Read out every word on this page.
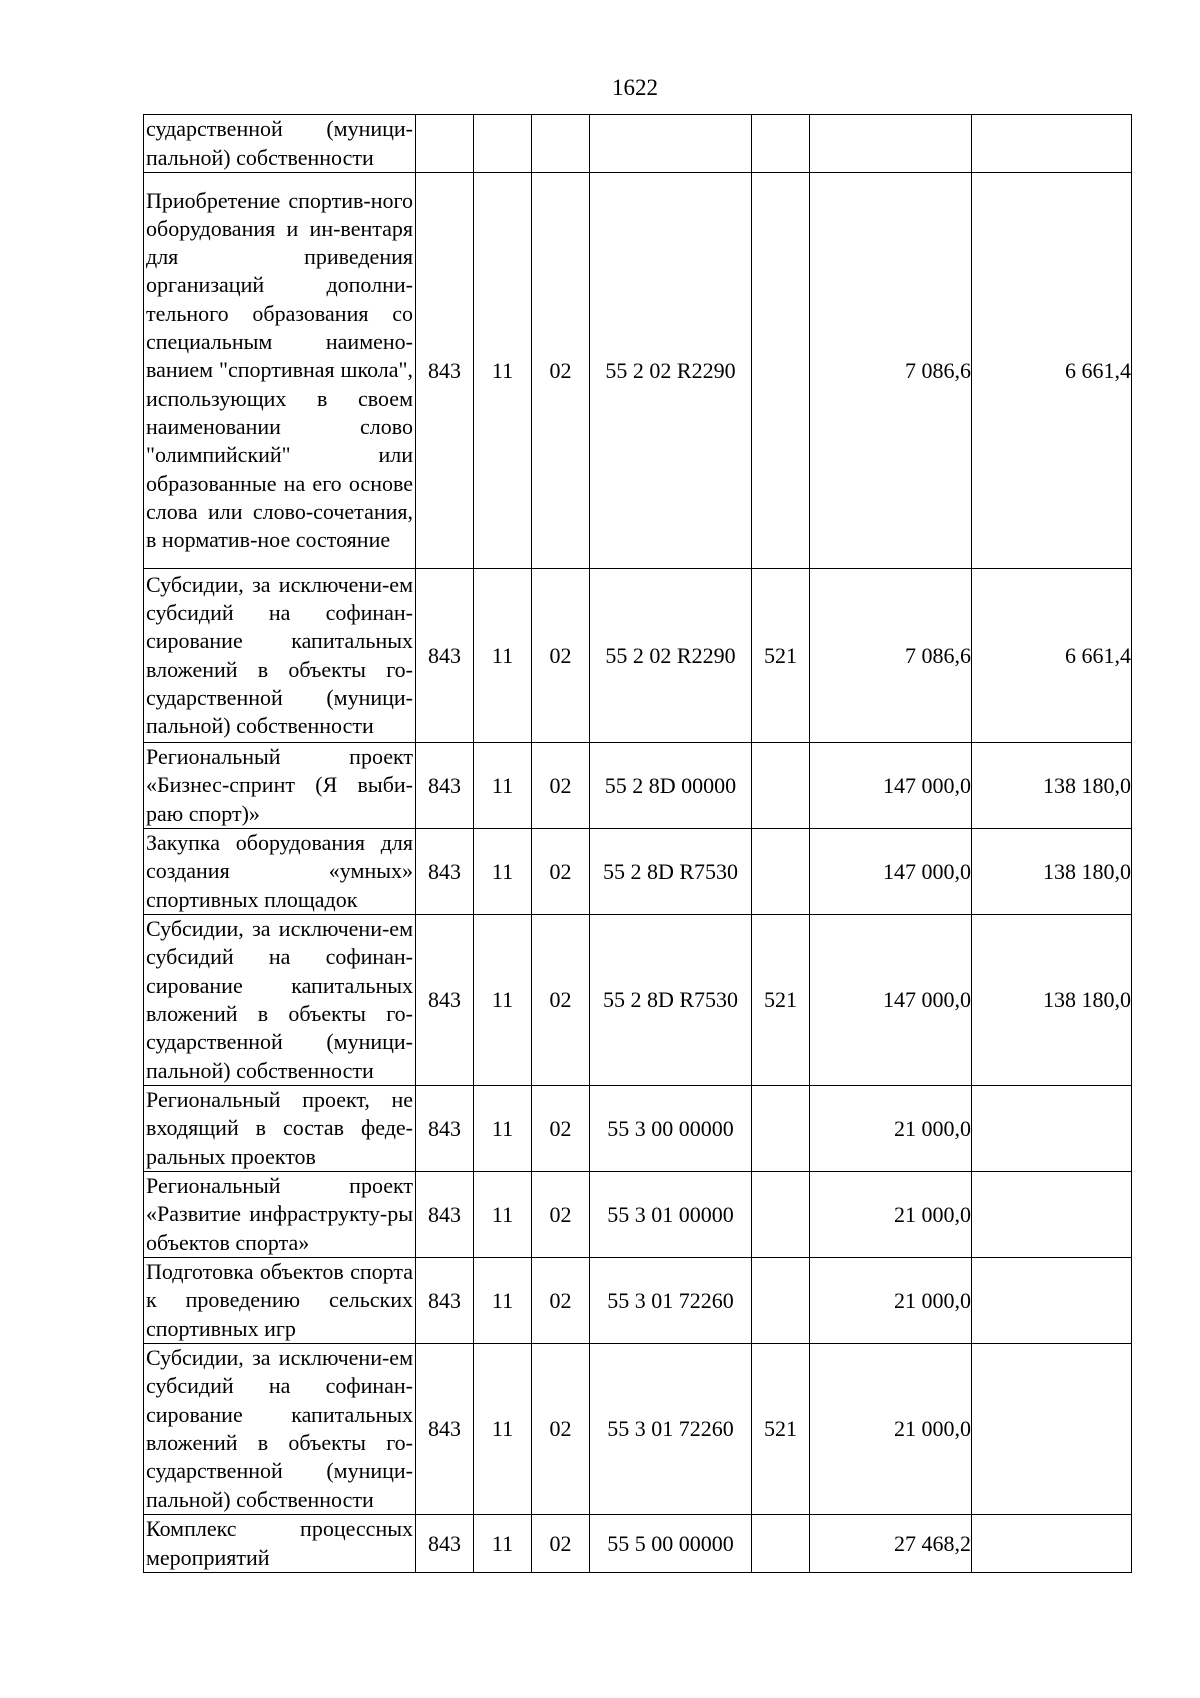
1622
сударственной (муници-пальной) собственности							
Приобретение спортив-ного оборудования и ин-вентаря для приведения организаций дополни-тельного образования со специальным наимено-ванием "спортивная школа", использующих в своем наименовании слово "олимпийский" или образованные на его основе слова или слово-сочетания, в норматив-ное состояние	843	11	02	55 2 02 R2290		7 086,6	6 661,4
Субсидии, за исключени-ем субсидий на софинан-сирование капитальных вложений в объекты го-сударственной (муници-пальной) собственности	843	11	02	55 2 02 R2290	521	7 086,6	6 661,4
Региональный проект «Бизнес-спринт (Я выби-раю спорт)»	843	11	02	55 2 8D 00000		147 000,0	138 180,0
Закупка оборудования для создания «умных» спортивных площадок	843	11	02	55 2 8D R7530		147 000,0	138 180,0
Субсидии, за исключени-ем субсидий на софинан-сирование капитальных вложений в объекты го-сударственной (муници-пальной) собственности	843	11	02	55 2 8D R7530	521	147 000,0	138 180,0
Региональный проект, не входящий в состав феде-ральных проектов	843	11	02	55 3 00 00000		21 000,0	
Региональный проект «Развитие инфраструкту-ры объектов спорта»	843	11	02	55 3 01 00000		21 000,0	
Подготовка объектов спорта к проведению сельских спортивных игр	843	11	02	55 3 01 72260		21 000,0	
Субсидии, за исключени-ем субсидий на софинан-сирование капитальных вложений в объекты го-сударственной (муници-пальной) собственности	843	11	02	55 3 01 72260	521	21 000,0	
Комплекс процессных мероприятий	843	11	02	55 5 00 00000		27 468,2	
